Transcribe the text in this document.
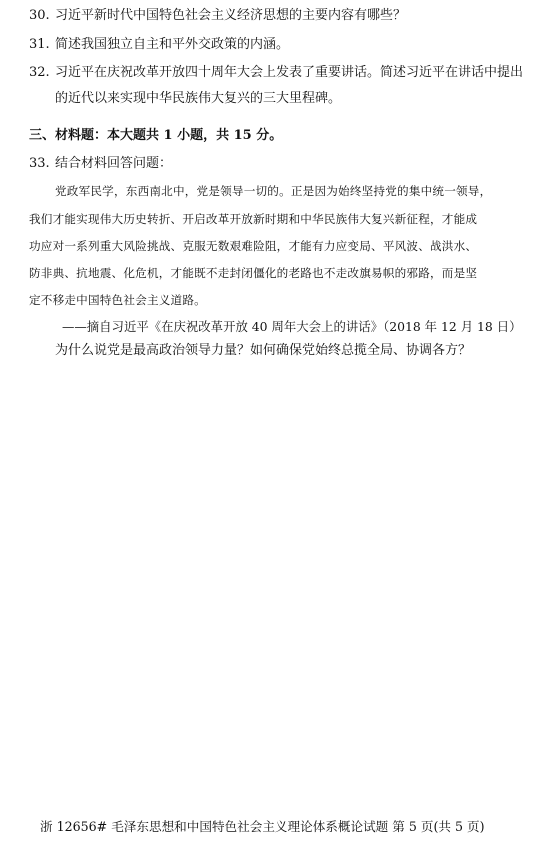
30. 习近平新时代中国特色社会主义经济思想的主要内容有哪些？
31. 简述我国独立自主和平外交政策的内涵。
32. 习近平在庆祝改革开放四十周年大会上发表了重要讲话。简述习近平在讲话中提出
的近代以来实现中华民族伟大复兴的三大里程碑。
三、材料题：本大题共 1 小题，共 15 分。
33. 结合材料回答问题：
党政军民学，东西南北中，党是领导一切的。正是因为始终坚持党的集中统一领导，
我们才能实现伟大历史转折、开启改革开放新时期和中华民族伟大复兴新征程，才能成
功应对一系列重大风险挑战、克服无数艰难险阻，才能有力应变局、平风波、战洪水、
防非典、抗地震、化危机，才能既不走封闭僵化的老路也不走改旗易帜的邪路，而是坚
定不移走中国特色社会主义道路。
——摘自习近平《在庆祝改革开放 40 周年大会上的讲话》（2018 年 12 月 18 日）
为什么说党是最高政治领导力量？如何确保党始终总揽全局、协调各方？
浙 12656# 毛泽东思想和中国特色社会主义理论体系概论试题 第 5 页(共 5 页)
